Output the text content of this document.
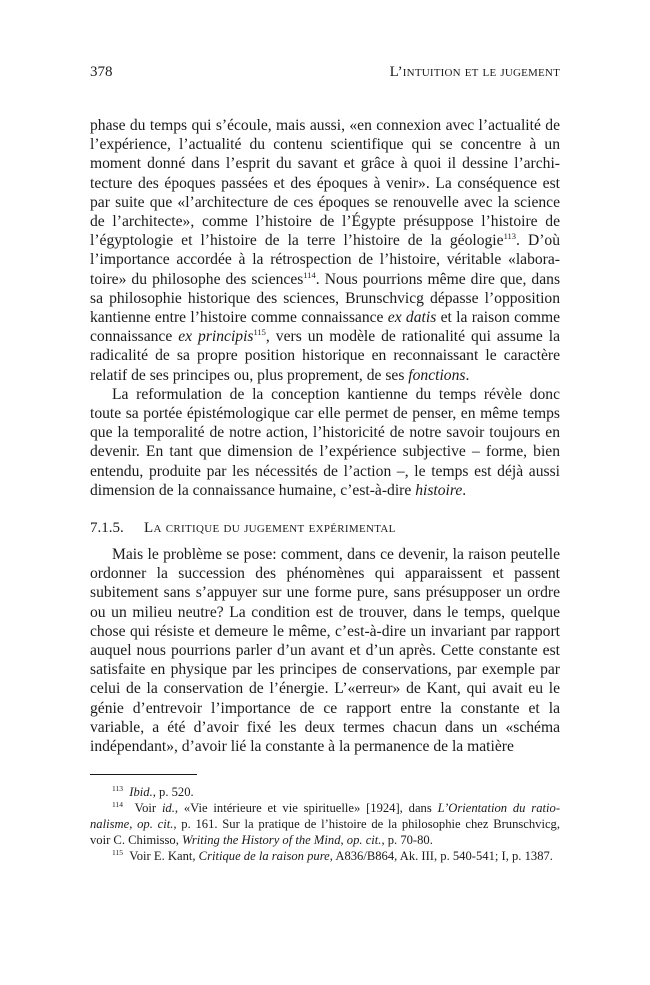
378	L’intuition et le jugement

phase du temps qui s’écoule, mais aussi, «en connexion avec l’actualité de l’expérience, l’actualité du contenu scientifique qui se concentre à un moment donné dans l’esprit du savant et grâce à quoi il dessine l’architecture des époques passées et des époques à venir». La conséquence est par suite que «l’architecture de ces époques se renouvelle avec la science de l’architecte», comme l’histoire de l’Égypte présuppose l’histoire de l’égyptologie et l’histoire de la terre l’histoire de la géologie$^{113}$. D’où l’importance accordée à la rétrospection de l’histoire, véritable «laboratoire» du philosophe des sciences$^{114}$. Nous pourrions même dire que, dans sa philosophie historique des sciences, Brunschvicg dépasse l’opposition kantienne entre l’histoire comme connaissance ex datis et la raison comme connaissance ex principis$^{115}$, vers un modèle de rationalité qui assume la radicalité de sa propre position historique en reconnaissant le caractère relatif de ses principes ou, plus proprement, de ses fonctions.

La reformulation de la conception kantienne du temps révèle donc toute sa portée épistémologique car elle permet de penser, en même temps que la temporalité de notre action, l’historicité de notre savoir toujours en devenir. En tant que dimension de l’expérience subjective – forme, bien entendu, produite par les nécessités de l’action –, le temps est déjà aussi dimension de la connaissance humaine, c’est-à-dire histoire.

7.1.5. La critique du jugement expérimental

Mais le problème se pose: comment, dans ce devenir, la raison peutelle ordonner la succession des phénomènes qui apparaissent et passent subitement sans s’appuyer sur une forme pure, sans présupposer un ordre ou un milieu neutre? La condition est de trouver, dans le temps, quelque chose qui résiste et demeure le même, c’est-à-dire un invariant par rapport auquel nous pourrions parler d’un avant et d’un après. Cette constante est satisfaite en physique par les principes de conservations, par exemple par celui de la conservation de l’énergie. L’«erreur» de Kant, qui avait eu le génie d’entrevoir l’importance de ce rapport entre la constante et la variable, a été d’avoir fixé les deux termes chacun dans un «schéma indépendant», d’avoir lié la constante à la permanence de la matière

$^{113}$ Ibid., p. 520.

$^{114}$ Voir id., «Vie intérieure et vie spirituelle» [1924], dans L’Orientation du rationalisme, op. cit., p. 161. Sur la pratique de l’histoire de la philosophie chez Brunschvicg, voir C. Chimisso, Writing the History of the Mind, op. cit., p. 70-80.

$^{115}$ Voir E. Kant, Critique de la raison pure, A836/B864, Ak. III, p. 540-541; I, p. 1387.
